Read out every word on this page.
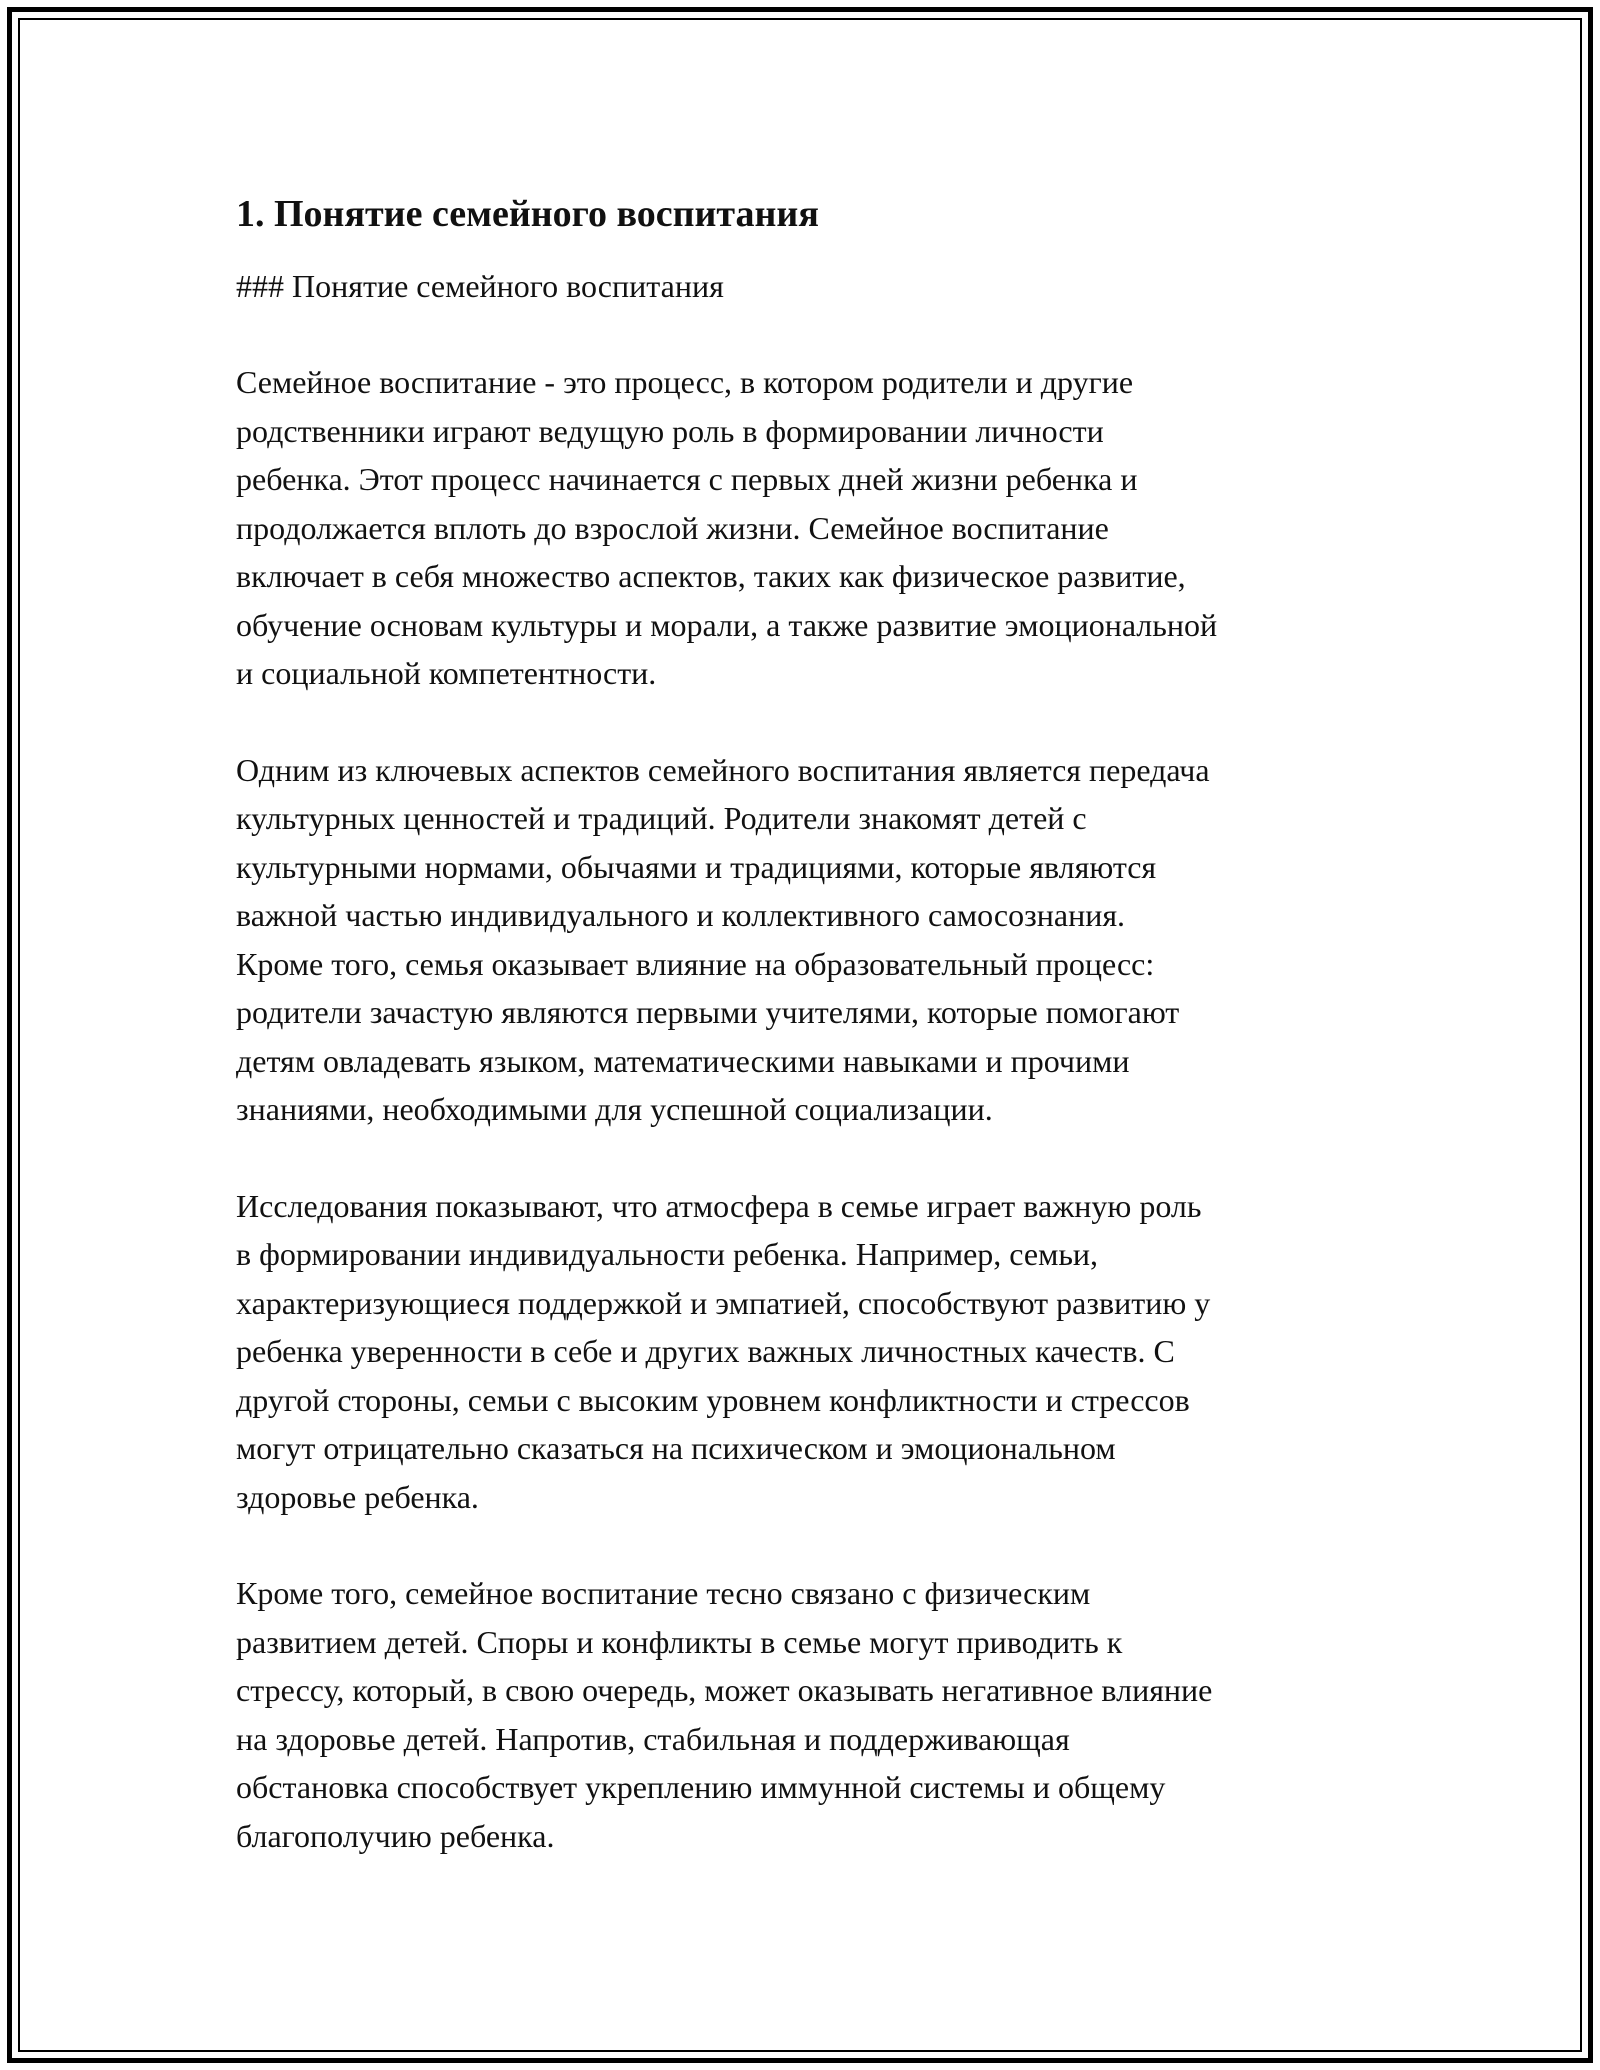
1. Понятие семейного воспитания
### Понятие семейного воспитания

Семейное воспитание - это процесс, в котором родители и другие
родственники играют ведущую роль в формировании личности
ребенка. Этот процесс начинается с первых дней жизни ребенка и
продолжается вплоть до взрослой жизни. Семейное воспитание
включает в себя множество аспектов, таких как физическое развитие,
обучение основам культуры и морали, а также развитие эмоциональной
и социальной компетентности.

Одним из ключевых аспектов семейного воспитания является передача
культурных ценностей и традиций. Родители знакомят детей с
культурными нормами, обычаями и традициями, которые являются
важной частью индивидуального и коллективного самосознания.
Кроме того, семья оказывает влияние на образовательный процесс:
родители зачастую являются первыми учителями, которые помогают
детям овладевать языком, математическими навыками и прочими
знаниями, необходимыми для успешной социализации.

Исследования показывают, что атмосфера в семье играет важную роль
в формировании индивидуальности ребенка. Например, семьи,
характеризующиеся поддержкой и эмпатией, способствуют развитию у
ребенка уверенности в себе и других важных личностных качеств. С
другой стороны, семьи с высоким уровнем конфликтности и стрессов
могут отрицательно сказаться на психическом и эмоциональном
здоровье ребенка.

Кроме того, семейное воспитание тесно связано с физическим
развитием детей. Споры и конфликты в семье могут приводить к
стрессу, который, в свою очередь, может оказывать негативное влияние
на здоровье детей. Напротив, стабильная и поддерживающая
обстановка способствует укреплению иммунной системы и общему
благополучию ребенка.
